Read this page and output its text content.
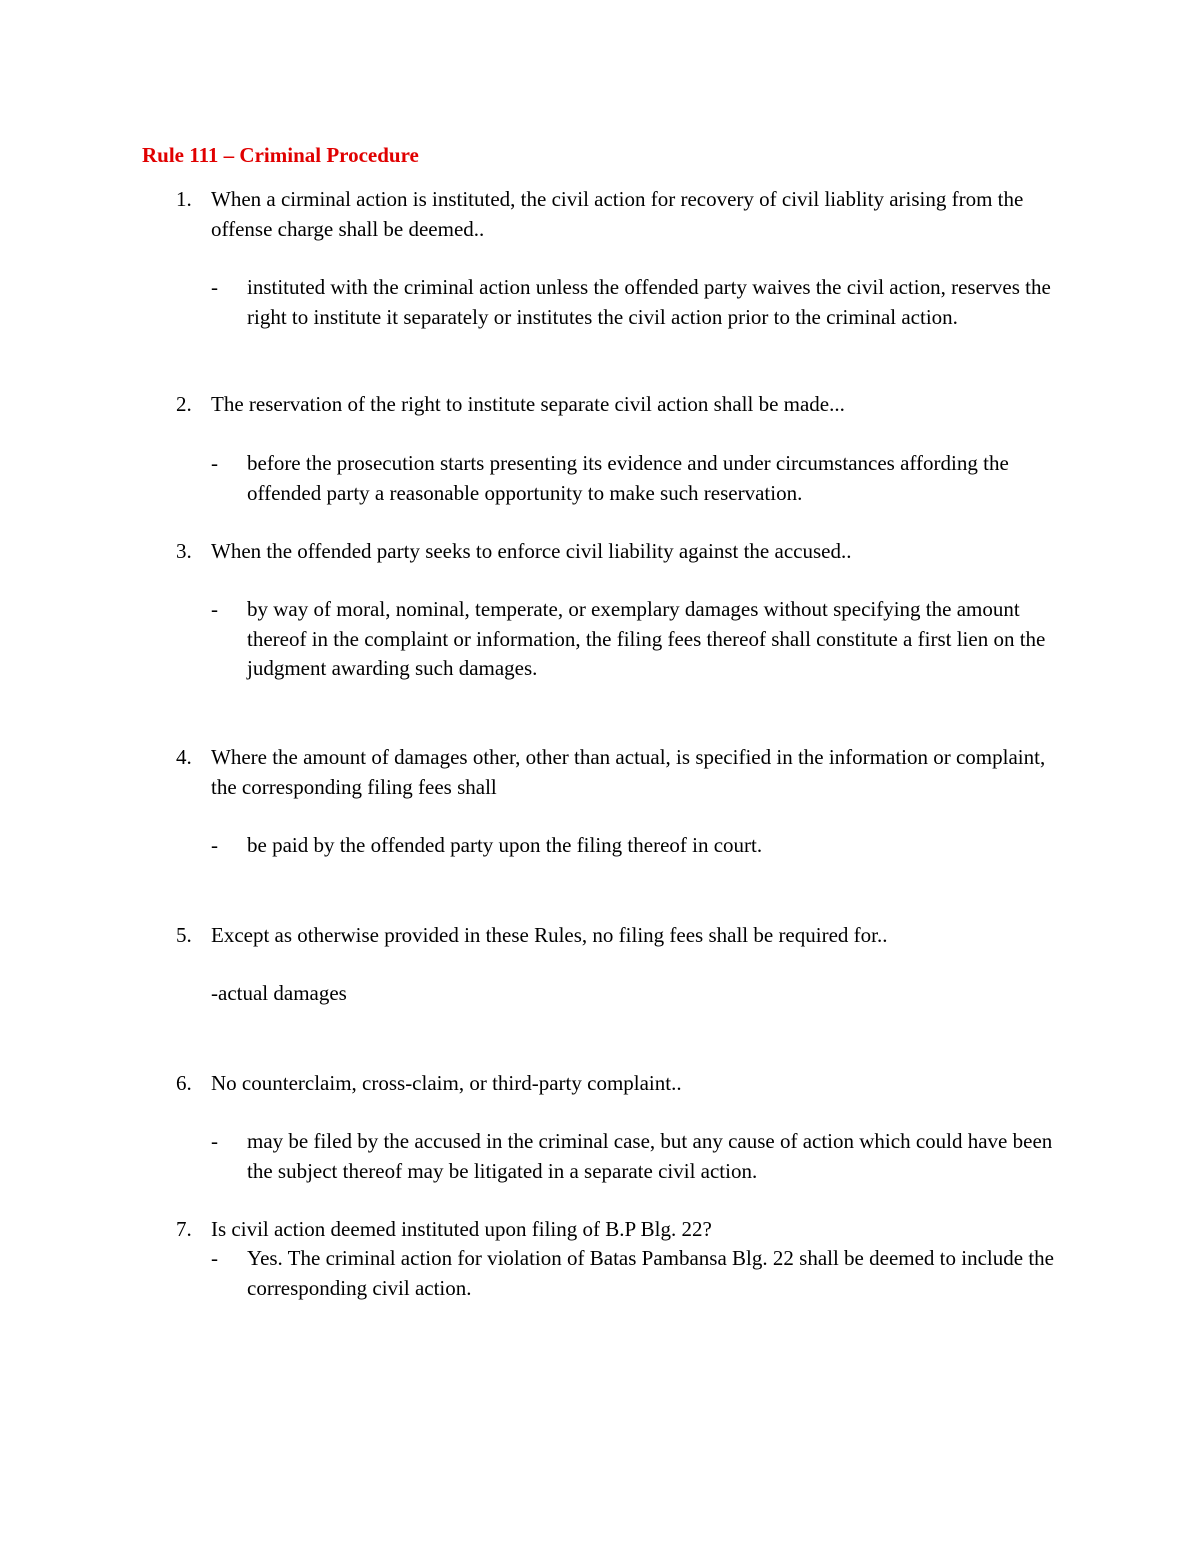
Rule 111 – Criminal Procedure
1. When a cirminal action is instituted, the civil action for recovery of civil liablity arising from the offense charge shall be deemed..
- instituted with the criminal action unless the offended party waives the civil action, reserves the right to institute it separately or institutes the civil action prior to the criminal action.
2. The reservation of the right to institute separate civil action shall be made...
- before the prosecution starts presenting its evidence and under circumstances affording the offended party a reasonable opportunity to make such reservation.
3. When the offended party seeks to enforce civil liability against the accused..
- by way of moral, nominal, temperate, or exemplary damages without specifying the amount thereof in the complaint or information, the filing fees thereof shall constitute a first lien on the judgment awarding such damages.
4. Where the amount of damages other, other than actual, is specified in the information or complaint, the corresponding filing fees shall
- be paid by the offended party upon the filing thereof in court.
5. Except as otherwise provided in these Rules, no filing fees shall be required for..
-actual damages
6. No counterclaim, cross-claim, or third-party complaint..
- may be filed by the accused in the criminal case, but any cause of action which could have been the subject thereof may be litigated in a separate civil action.
7. Is civil action deemed instituted upon filing of B.P Blg. 22?
- Yes. The criminal action for violation of Batas Pambansa Blg. 22 shall be deemed to include the corresponding civil action.
